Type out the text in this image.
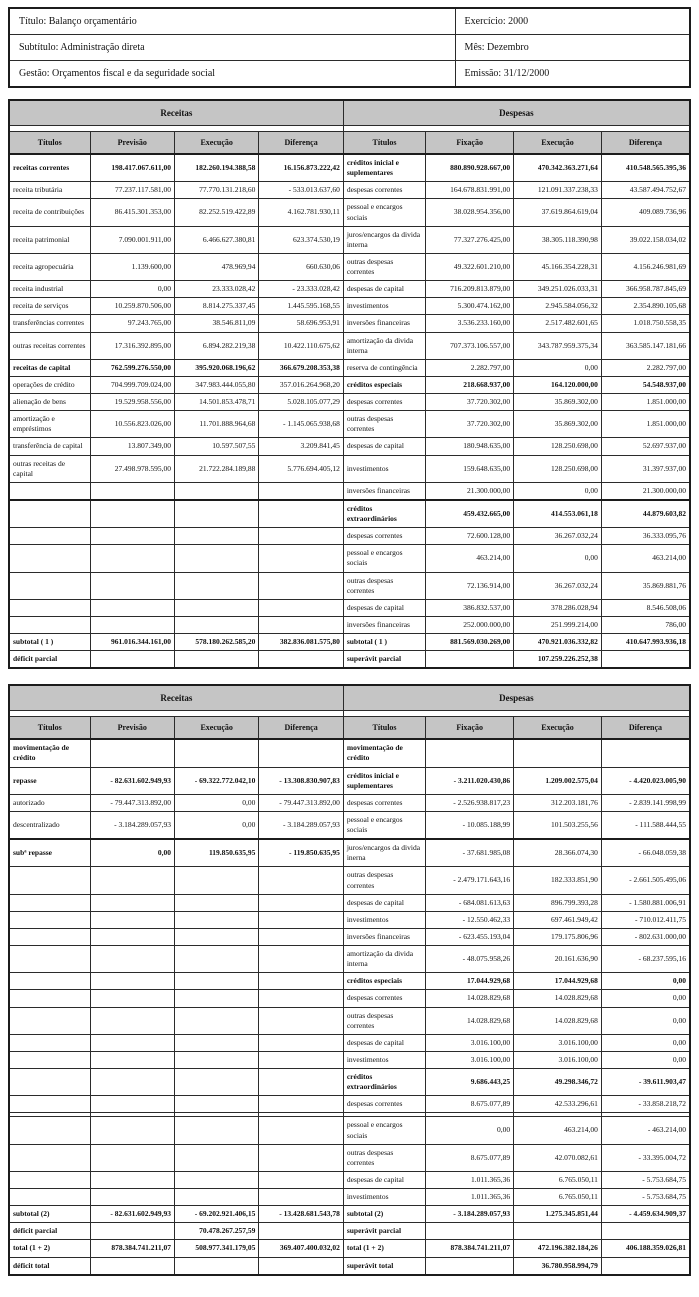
Título: Balanço orçamentário	Exercício: 2000
Subtítulo: Administração direta	Mês: Dezembro
Gestão: Orçamentos fiscal e da seguridade social	Emissão: 31/12/2000
Receitas				Despesas			

Títulos	Previsão	Execução	Diferença	Títulos	Fixação	Execução	Diferença
receitas correntes	198.417.067.611,00	182.260.194.388,58	16.156.873.222,42	créditos inicial e suplementares	880.890.928.667,00	470.342.363.271,64	410.548.565.395,36
receita tributária	77.237.117.581,00	77.770.131.218,60	- 533.013.637,60	despesas correntes	164.678.831.991,00	121.091.337.238,33	43.587.494.752,67
receita de contribuições	86.415.301.353,00	82.252.519.422,89	4.162.781.930,11	pessoal e encargos sociais	38.028.954.356,00	37.619.864.619,04	409.089.736,96
receita patrimonial	7.090.001.911,00	6.466.627.380,81	623.374.530,19	juros/encargos da divida interna	77.327.276.425,00	38.305.118.390,98	39.022.158.034,02
receita agropecuária	1.139.600,00	478.969,94	660.630,06	outras despesas correntes	49.322.601.210,00	45.166.354.228,31	4.156.246.981,69
receita industrial	0,00	23.333.028,42	- 23.333.028,42	despesas de capital	716.209.813.879,00	349.251.026.033,31	366.958.787.845,69
receita de serviços	10.259.870.506,00	8.814.275.337,45	1.445.595.168,55	investimentos	5.300.474.162,00	2.945.584.056,32	2.354.890.105,68
transferências correntes	97.243.765,00	38.546.811,09	58.696.953,91	inversões financeiras	3.536.233.160,00	2.517.482.601,65	1.018.750.558,35
outras receitas correntes	17.316.392.895,00	6.894.282.219,38	10.422.110.675,62	amortização da divida interna	707.373.106.557,00	343.787.959.375,34	363.585.147.181,66
receitas de capital	762.599.276.550,00	395.920.068.196,62	366.679.208.353,38	reserva de contingência	2.282.797,00	0,00	2.282.797,00
operações de crédito	704.999.709.024,00	347.983.444.055,80	357.016.264.968,20	créditos especiais	218.668.937,00	164.120.000,00	54.548.937,00
alienação de bens	19.529.958.556,00	14.501.853.478,71	5.028.105.077,29	despesas correntes	37.720.302,00	35.869.302,00	1.851.000,00
amortização e empréstimos	10.556.823.026,00	11.701.888.964,68	- 1.145.065.938,68	outras despesas correntes	37.720.302,00	35.869.302,00	1.851.000,00
transferência de capital	13.807.349,00	10.597.507,55	3.209.841,45	despesas de capital	180.948.635,00	128.250.698,00	52.697.937,00
outras receitas de capital	27.498.978.595,00	21.722.284.189,88	5.776.694.405,12	investimentos	159.648.635,00	128.250.698,00	31.397.937,00
				inversões financeiras	21.300.000,00	0,00	21.300.000,00
				créditos extraordinários	459.432.665,00	414.553.061,18	44.879.603,82
				despesas correntes	72.600.128,00	36.267.032,24	36.333.095,76
				pessoal e encargos sociais	463.214,00	0,00	463.214,00
				outras despesas correntes	72.136.914,00	36.267.032,24	35.869.881,76
				despesas de capital	386.832.537,00	378.286.028,94	8.546.508,06
				inversões financeiras	252.000.000,00	251.999.214,00	786,00
subtotal ( 1 )	961.016.344.161,00	578.180.262.585,20	382.836.081.575,80	subtotal ( 1 )	881.569.030.269,00	470.921.036.332,82	410.647.993.936,18
déficit parcial				superávit parcial		107.259.226.252,38	
Receitas				Despesas			

Títulos	Previsão	Execução	Diferença	Títulos	Fixação	Execução	Diferença
movimentação de crédito				movimentação de crédito			
repasse	- 82.631.602.949,93	- 69.322.772.042,10	- 13.308.830.907,83	créditos inicial e suplementares	- 3.211.020.430,86	1.209.002.575,04	- 4.420.023.005,90
autorizado	- 79.447.313.892,00	0,00	- 79.447.313.892,00	despesas correntes	- 2.526.938.817,23	312.203.181,76	- 2.839.141.998,99
descentralizado	- 3.184.289.057,93	0,00	- 3.184.289.057,93	pessoal e encargos sociais	- 10.085.188,99	101.503.255,56	- 111.588.444,55
subª repasse	0,00	119.850.635,95	- 119.850.635,95	juros/encargos da divida inerna	- 37.681.985,08	28.366.074,30	- 66.048.059,38
				outras despesas correntes	- 2.479.171.643,16	182.333.851,90	- 2.661.505.495,06
				despesas de capital	- 684.081.613,63	896.799.393,28	- 1.580.881.006,91
				investimentos	- 12.550.462,33	697.461.949,42	- 710.012.411,75
				inversões financeiras	- 623.455.193,04	179.175.806,96	- 802.631.000,00
				amortização da divida interna	- 48.075.958,26	20.161.636,90	- 68.237.595,16
				créditos especiais	17.044.929,68	17.044.929,68	0,00
				despesas correntes	14.028.829,68	14.028.829,68	0,00
				outras despesas correntes	14.028.829,68	14.028.829,68	0,00
				despesas de capital	3.016.100,00	3.016.100,00	0,00
				investimentos	3.016.100,00	3.016.100,00	0,00
				créditos extraordinários	9.686.443,25	49.298.346,72	- 39.611.903,47
				despesas correntes	8.675.077,89	42.533.296,61	- 33.858.218,72

				pessoal e encargos sociais	0,00	463.214,00	- 463.214,00
				outras despesas correntes	8.675.077,89	42.070.082,61	- 33.395.004,72
				despesas de capital	1.011.365,36	6.765.050,11	- 5.753.684,75
				investimentos	1.011.365,36	6.765.050,11	- 5.753.684,75
subtotal (2)	- 82.631.602.949,93	- 69.202.921.406,15	- 13.428.681.543,78	subtotal (2)	- 3.184.289.057,93	1.275.345.851,44	- 4.459.634.909,37
déficit parcial		70.478.267.257,59		superávit parcial			
total (1 + 2)	878.384.741.211,07	508.977.341.179,05	369.407.400.032,02	total (1 + 2)	878.384.741.211,07	472.196.382.184,26	406.188.359.026,81
déficit total				superávit total		36.780.958.994,79	
